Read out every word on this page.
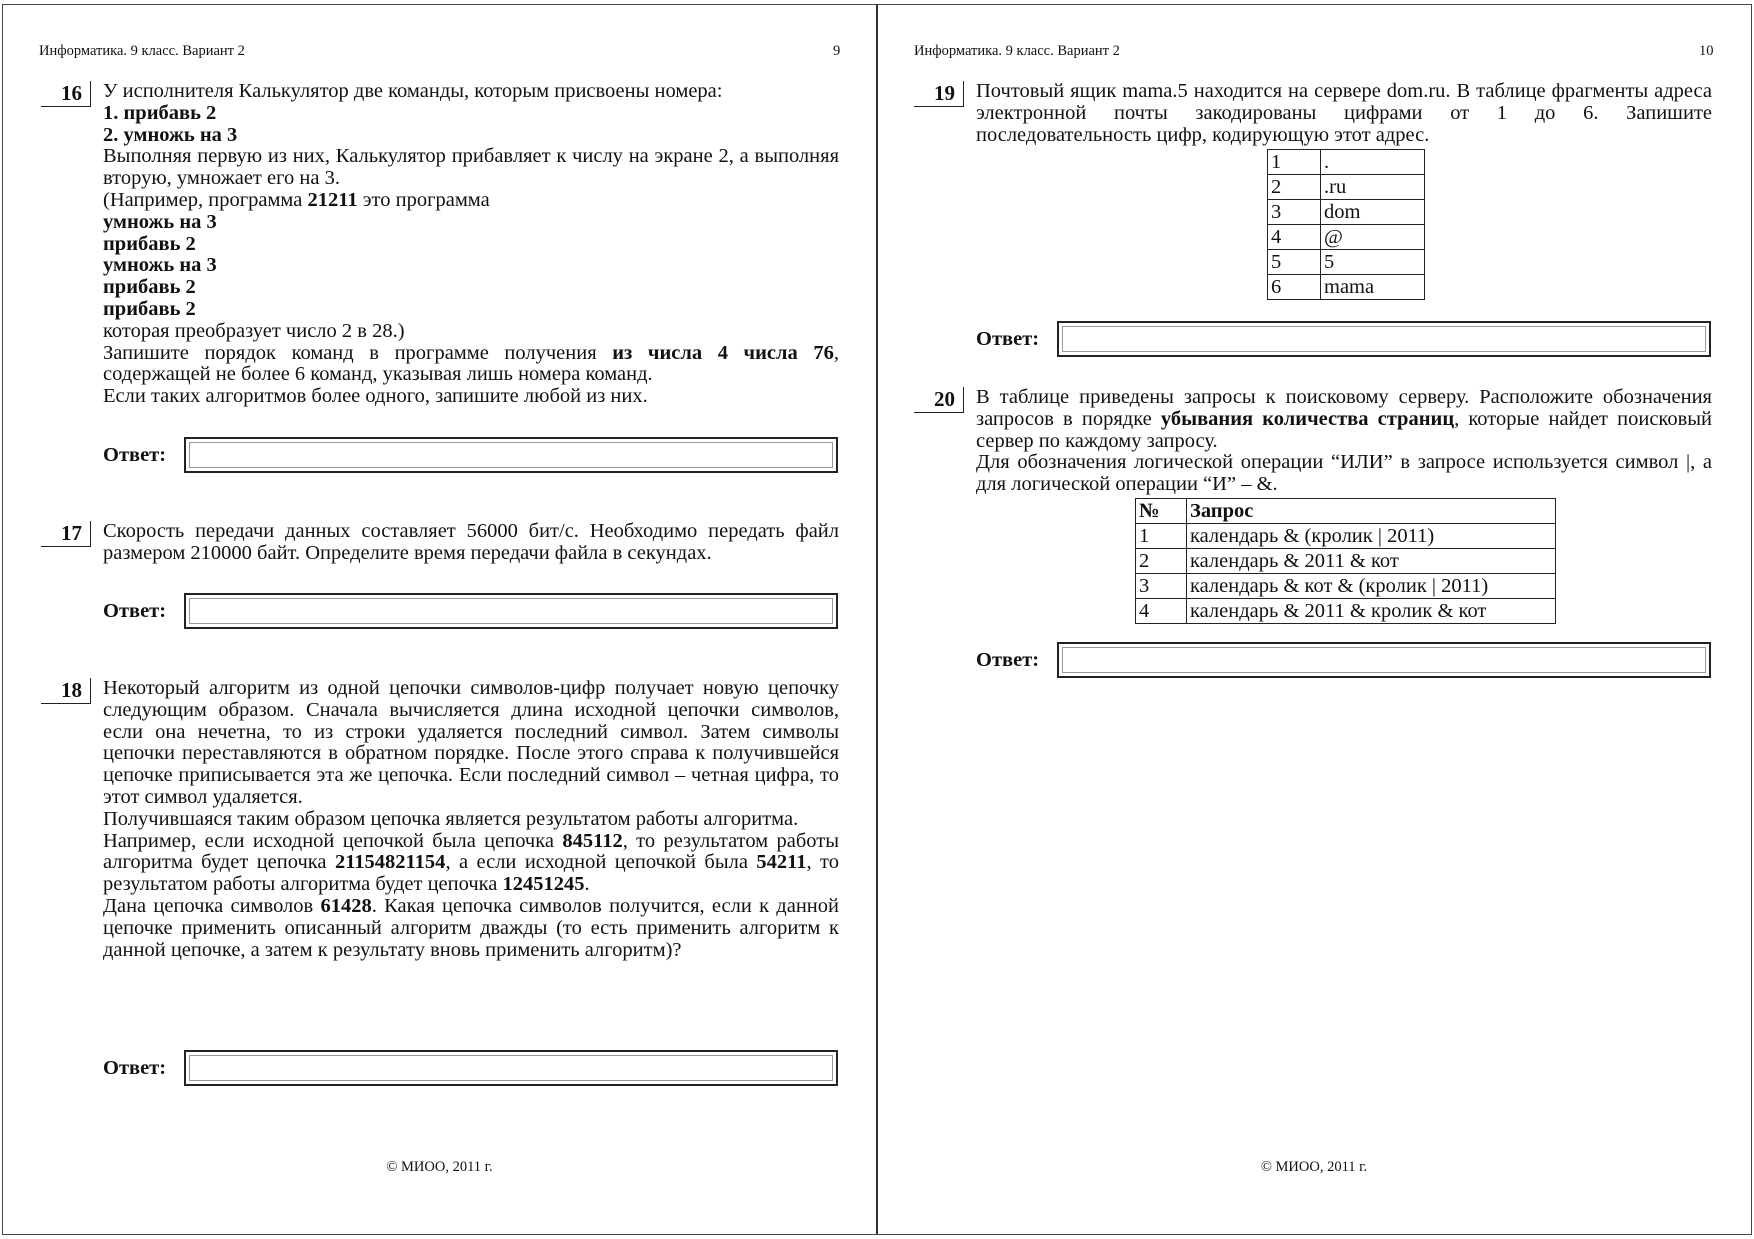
Информатика. 9 класс. Вариант 2	9
16	У исполнителя Калькулятор две команды, которым присвоены номера:

1. прибавь 2

2. умножь на 3

Выполняя первую из них, Калькулятор прибавляет к числу на экране 2, а выполняя вторую, умножает его на 3.

(Например, программа 21211 это программа

умножь на 3

прибавь 2

умножь на 3

прибавь 2

прибавь 2

которая преобразует число 2 в 28.)

Запишите порядок команд в программе получения из числа 4 числа 76, содержащей не более 6 команд, указывая лишь номера команд.

Если таких алгоритмов более одного, запишите любой из них.

Ответ:
17	Скорость передачи данных составляет 56000 бит/c. Необходимо передать файл размером 210000 байт. Определите время передачи файла в секундах.

Ответ:
18	Некоторый алгоритм из одной цепочки символов-цифр получает новую цепочку следующим образом. Сначала вычисляется длина исходной цепочки символов, если она нечетна, то из строки удаляется последний символ. Затем символы цепочки переставляются в обратном порядке. После этого справа к получившейся цепочке приписывается эта же цепочка. Если последний символ – четная цифра, то этот символ удаляется.

Получившаяся таким образом цепочка является результатом работы алгоритма.

Например, если исходной цепочкой была цепочка 845112, то результатом работы алгоритма будет цепочка 21154821154, а если исходной цепочкой была 54211, то результатом работы алгоритма будет цепочка 12451245.

Дана цепочка символов 61428. Какая цепочка символов получится, если к данной цепочке применить описанный алгоритм дважды (то есть применить алгоритм к данной цепочке, а затем к результату вновь применить алгоритм)?

Ответ:
© МИОО, 2011 г.
Информатика. 9 класс. Вариант 2	10
19	Почтовый ящик mama.5 находится на сервере dom.ru. В таблице фрагменты адреса электронной почты закодированы цифрами от 1 до 6. Запишите последовательность цифр, кодирующую этот адрес.

1	.
2	.ru
3	dom
4	@
5	5
6	mama
Ответ:
20	В таблице приведены запросы к поисковому серверу. Расположите обозначения запросов в порядке убывания количества страниц, которые найдет поисковый сервер по каждому запросу.

Для обозначения логической операции “ИЛИ” в запросе используется символ |, а для логической операции “И” – &.

№	Запрос
1	календарь & (кролик | 2011)
2	календарь & 2011 & кот
3	календарь & кот & (кролик | 2011)
4	календарь & 2011 & кролик & кот
Ответ:
© МИОО, 2011 г.
